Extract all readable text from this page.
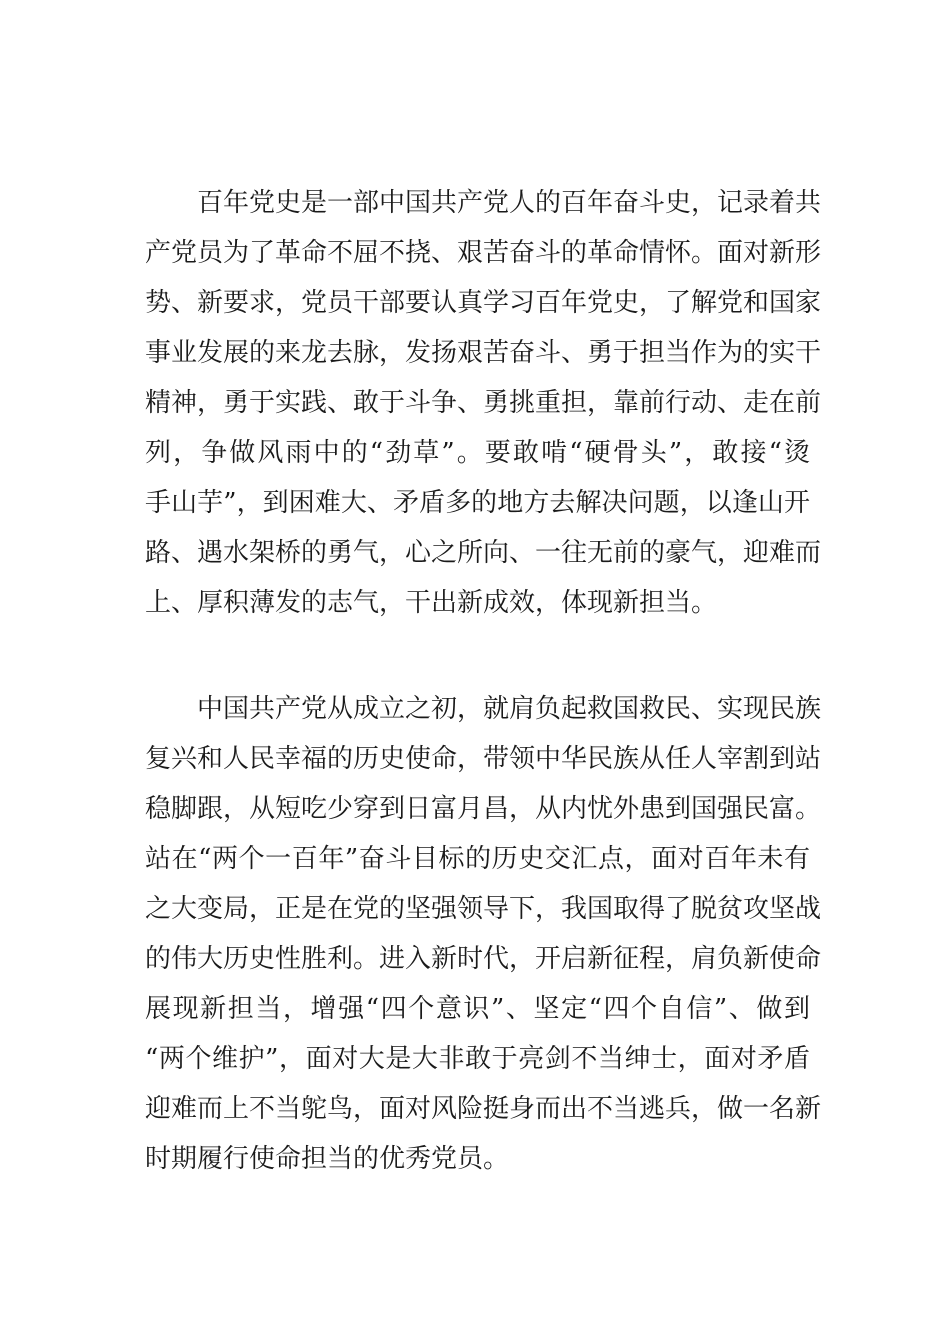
百年党史是一部中国共产党人的百年奋斗史，记录着共
产党员为了革命不屈不挠、艰苦奋斗的革命情怀。面对新形
势、新要求，党员干部要认真学习百年党史，了解党和国家
事业发展的来龙去脉，发扬艰苦奋斗、勇于担当作为的实干
精神，勇于实践、敢于斗争、勇挑重担，靠前行动、走在前
列，争做风雨中的“劲草”。要敢啃“硬骨头”，敢接“烫
手山芋”，到困难大、矛盾多的地方去解决问题，以逢山开
路、遇水架桥的勇气，心之所向、一往无前的豪气，迎难而
上、厚积薄发的志气，干出新成效，体现新担当。

中国共产党从成立之初，就肩负起救国救民、实现民族
复兴和人民幸福的历史使命，带领中华民族从任人宰割到站
稳脚跟，从短吃少穿到日富月昌，从内忧外患到国强民富。
站在“两个一百年”奋斗目标的历史交汇点，面对百年未有
之大变局，正是在党的坚强领导下，我国取得了脱贫攻坚战
的伟大历史性胜利。进入新时代，开启新征程，肩负新使命
展现新担当，增强“四个意识”、坚定“四个自信”、做到
“两个维护”，面对大是大非敢于亮剑不当绅士，面对矛盾
迎难而上不当鸵鸟，面对风险挺身而出不当逃兵，做一名新
时期履行使命担当的优秀党员。
